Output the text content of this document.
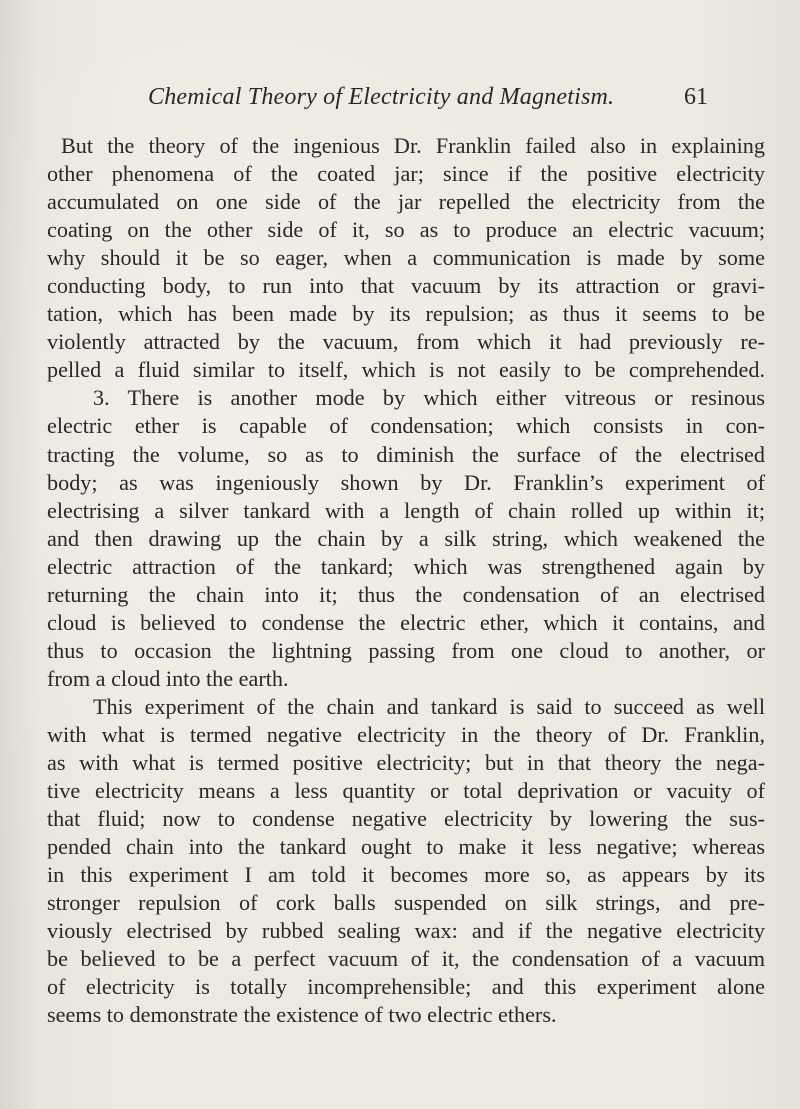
Chemical Theory of Electricity and Magnetism.	61
But the theory of the ingenious Dr. Franklin failed also in explaining
other phenomena of the coated jar; since if the positive electricity
accumulated on one side of the jar repelled the electricity from the
coating on the other side of it, so as to produce an electric vacuum;
why should it be so eager, when a communication is made by some
conducting body, to run into that vacuum by its attraction or gravi-
tation, which has been made by its repulsion; as thus it seems to be
violently attracted by the vacuum, from which it had previously re-
pelled a fluid similar to itself, which is not easily to be comprehended.
3. There is another mode by which either vitreous or resinous
electric ether is capable of condensation; which consists in con-
tracting the volume, so as to diminish the surface of the electrised
body; as was ingeniously shown by Dr. Franklin’s experiment of
electrising a silver tankard with a length of chain rolled up within it;
and then drawing up the chain by a silk string, which weakened the
electric attraction of the tankard; which was strengthened again by
returning the chain into it; thus the condensation of an electrised
cloud is believed to condense the electric ether, which it contains, and
thus to occasion the lightning passing from one cloud to another, or
from a cloud into the earth.
This experiment of the chain and tankard is said to succeed as well
with what is termed negative electricity in the theory of Dr. Franklin,
as with what is termed positive electricity; but in that theory the nega-
tive electricity means a less quantity or total deprivation or vacuity of
that fluid; now to condense negative electricity by lowering the sus-
pended chain into the tankard ought to make it less negative; whereas
in this experiment I am told it becomes more so, as appears by its
stronger repulsion of cork balls suspended on silk strings, and pre-
viously electrised by rubbed sealing wax: and if the negative electricity
be believed to be a perfect vacuum of it, the condensation of a vacuum
of electricity is totally incomprehensible; and this experiment alone
seems to demonstrate the existence of two electric ethers.
